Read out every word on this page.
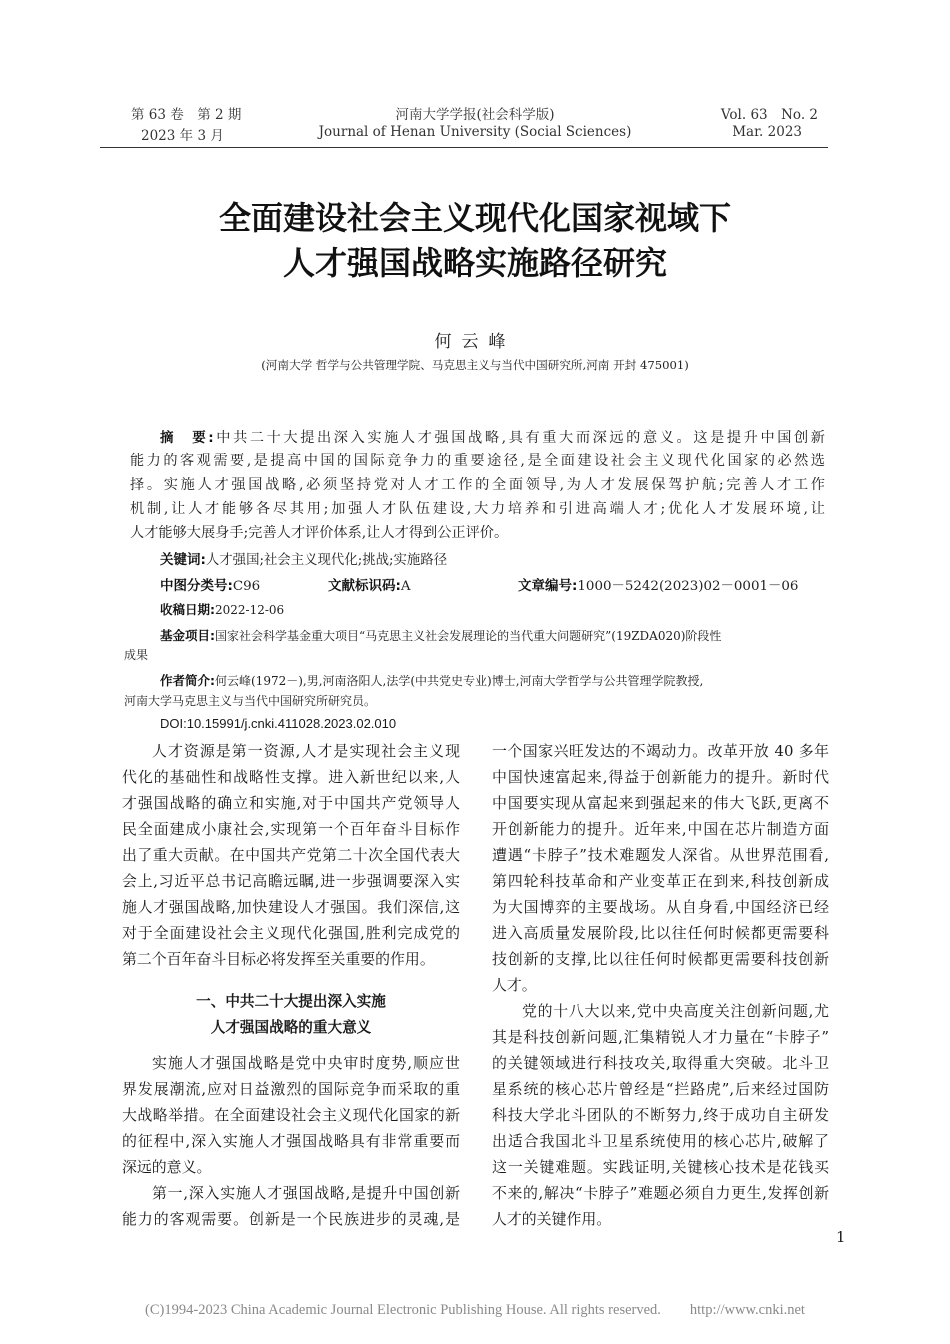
第 63 卷　第 2 期
2023 年 3 月
河南大学学报(社会科学版)
Journal of Henan University (Social Sciences)
Vol. 63　No. 2
Mar. 2023
全面建设社会主义现代化国家视域下
人才强国战略实施路径研究
何云峰
(河南大学 哲学与公共管理学院、马克思主义与当代中国研究所,河南 开封 475001)
摘　要:中共二十大提出深入实施人才强国战略,具有重大而深远的意义。这是提升中国创新
能力的客观需要,是提高中国的国际竞争力的重要途径,是全面建设社会主义现代化国家的必然选
择。实施人才强国战略,必须坚持党对人才工作的全面领导,为人才发展保驾护航;完善人才工作
机制,让人才能够各尽其用;加强人才队伍建设,大力培养和引进高端人才;优化人才发展环境,让
人才能够大展身手;完善人才评价体系,让人才得到公正评价。
关键词:人才强国;社会主义现代化;挑战;实施路径
中图分类号:C96	文献标识码:A	文章编号:1000－5242(2023)02－0001－06
收稿日期:2022-12-06
基金项目:国家社会科学基金重大项目“马克思主义社会发展理论的当代重大问题研究”(19ZDA020)阶段性
成果
作者简介:何云峰(1972－),男,河南洛阳人,法学(中共党史专业)博士,河南大学哲学与公共管理学院教授,
河南大学马克思主义与当代中国研究所研究员。
DOI:10.15991/j.cnki.411028.2023.02.010
人才资源是第一资源,人才是实现社会主义现
代化的基础性和战略性支撑。进入新世纪以来,人
才强国战略的确立和实施,对于中国共产党领导人
民全面建成小康社会,实现第一个百年奋斗目标作
出了重大贡献。在中国共产党第二十次全国代表大
会上,习近平总书记高瞻远瞩,进一步强调要深入实
施人才强国战略,加快建设人才强国。我们深信,这
对于全面建设社会主义现代化强国,胜利完成党的
第二个百年奋斗目标必将发挥至关重要的作用。
一、中共二十大提出深入实施
人才强国战略的重大意义
实施人才强国战略是党中央审时度势,顺应世
界发展潮流,应对日益激烈的国际竞争而采取的重
大战略举措。在全面建设社会主义现代化国家的新
的征程中,深入实施人才强国战略具有非常重要而
深远的意义。
第一,深入实施人才强国战略,是提升中国创新
能力的客观需要。创新是一个民族进步的灵魂,是
一个国家兴旺发达的不竭动力。改革开放 40 多年
中国快速富起来,得益于创新能力的提升。新时代
中国要实现从富起来到强起来的伟大飞跃,更离不
开创新能力的提升。近年来,中国在芯片制造方面
遭遇“卡脖子”技术难题发人深省。从世界范围看,
第四轮科技革命和产业变革正在到来,科技创新成
为大国博弈的主要战场。从自身看,中国经济已经
进入高质量发展阶段,比以往任何时候都更需要科
技创新的支撑,比以往任何时候都更需要科技创新
人才。
党的十八大以来,党中央高度关注创新问题,尤
其是科技创新问题,汇集精锐人才力量在“卡脖子”
的关键领域进行科技攻关,取得重大突破。北斗卫
星系统的核心芯片曾经是“拦路虎”,后来经过国防
科技大学北斗团队的不断努力,终于成功自主研发
出适合我国北斗卫星系统使用的核心芯片,破解了
这一关键难题。实践证明,关键核心技术是花钱买
不来的,解决“卡脖子”难题必须自力更生,发挥创新
人才的关键作用。
1
(C)1994-2023 China Academic Journal Electronic Publishing House. All rights reserved.　　http://www.cnki.net
